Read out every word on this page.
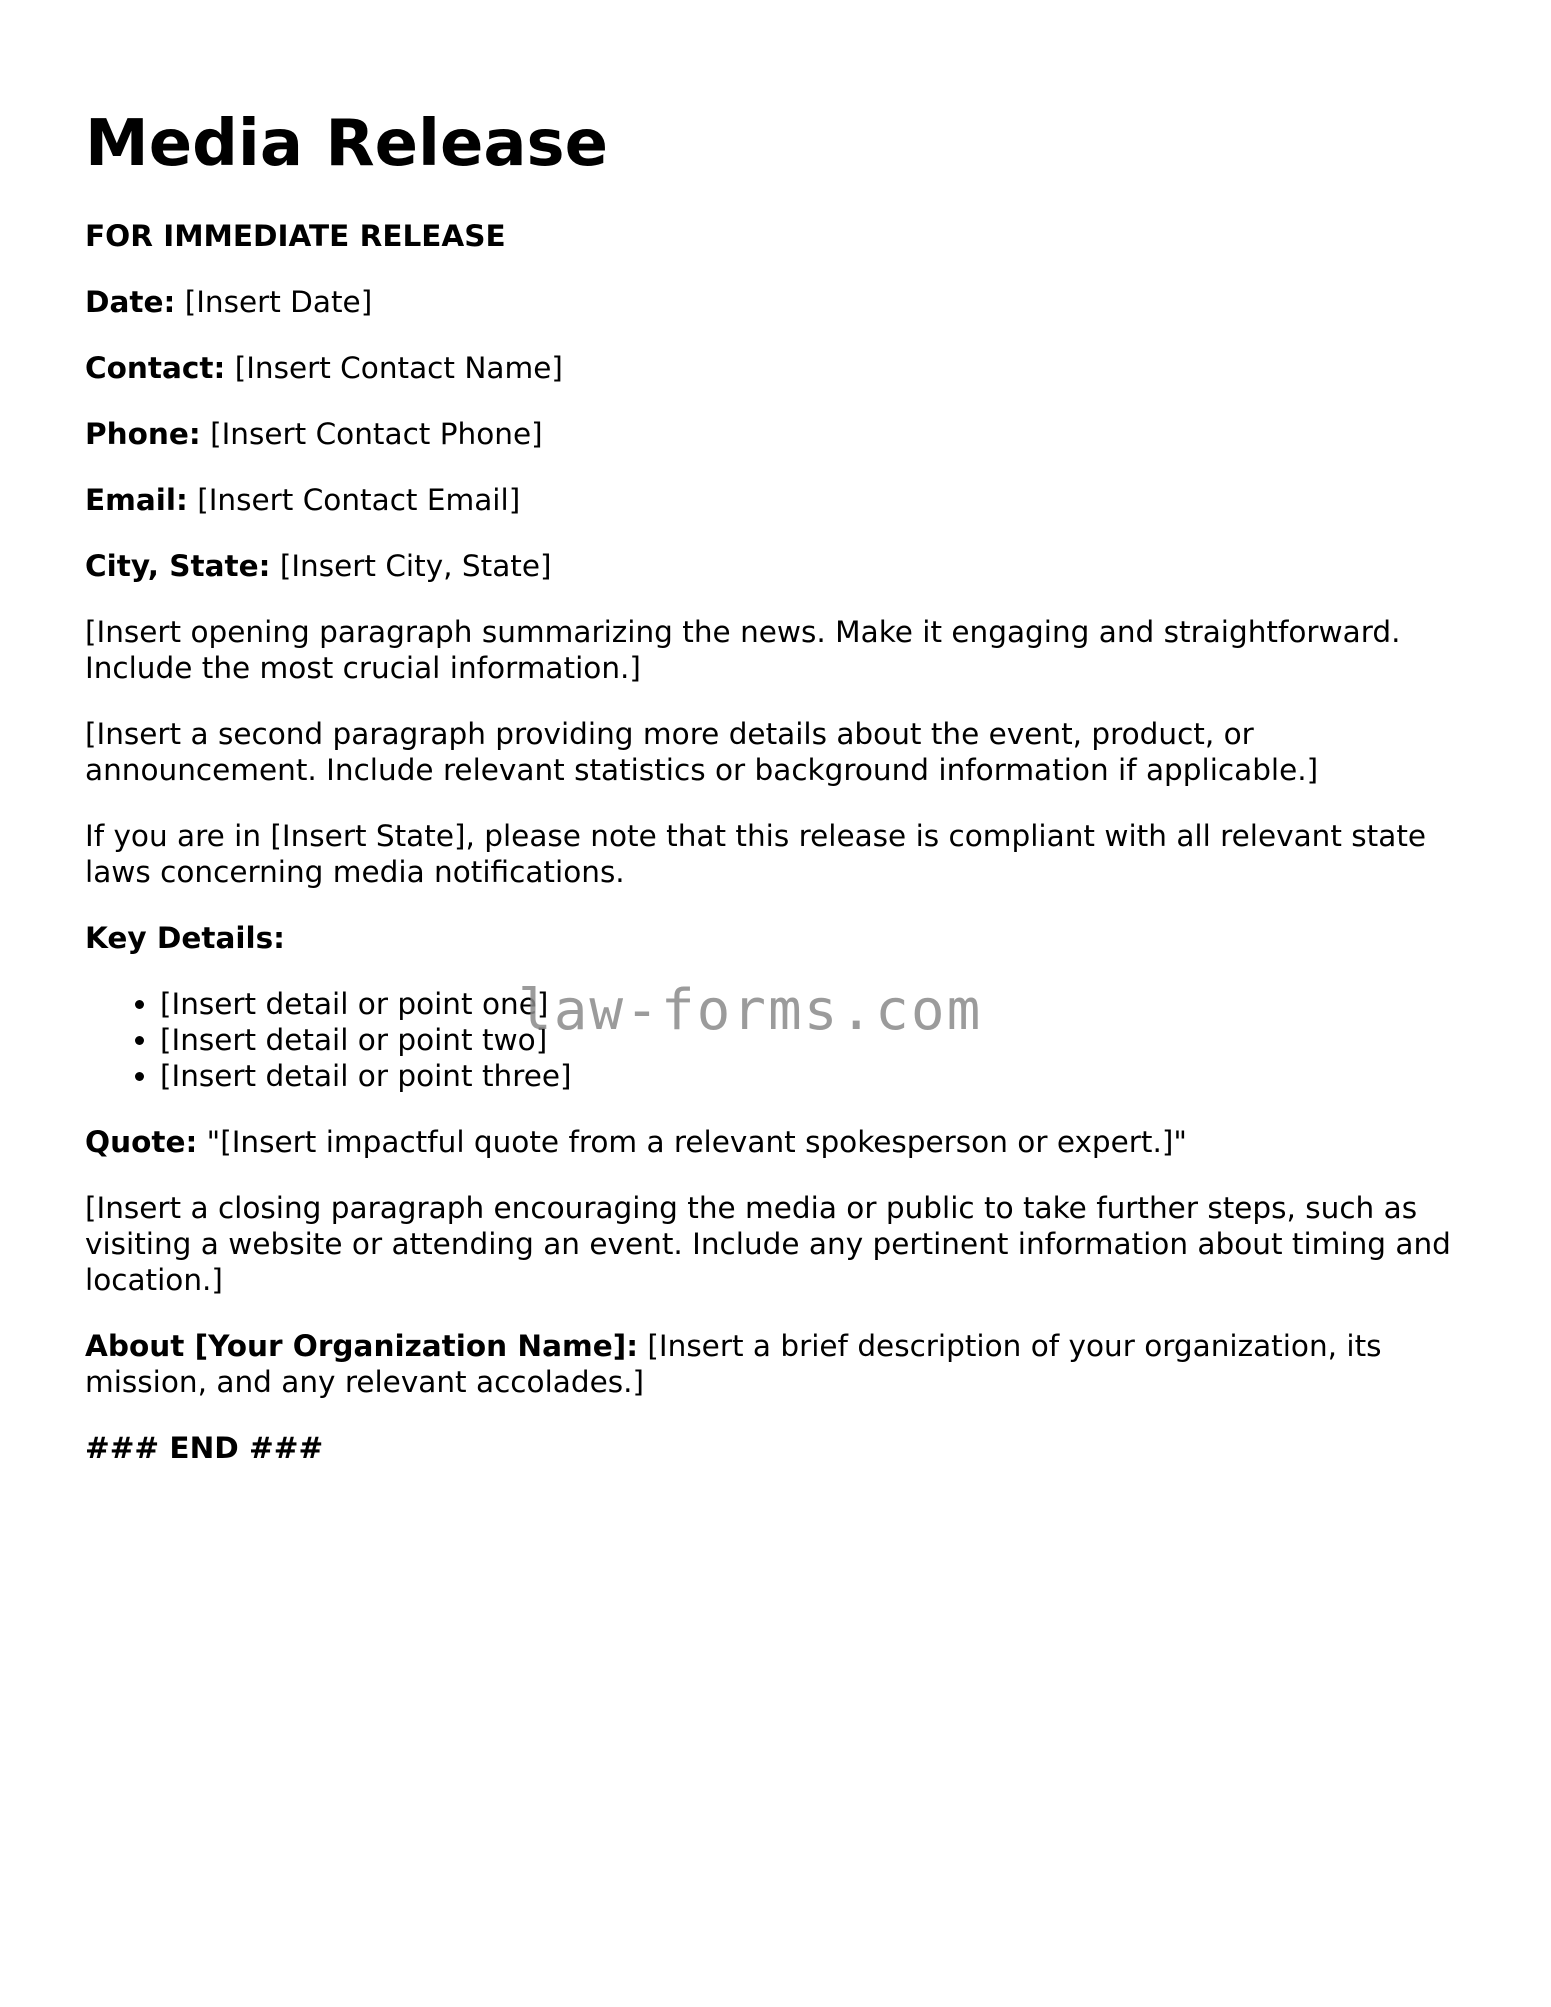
Media Release

FOR IMMEDIATE RELEASE

Date: [Insert Date]

Contact: [Insert Contact Name]

Phone: [Insert Contact Phone]

Email: [Insert Contact Email]

City, State: [Insert City, State]

[Insert opening paragraph summarizing the news. Make it engaging and straightforward. Include the most crucial information.]

[Insert a second paragraph providing more details about the event, product, or announcement. Include relevant statistics or background information if applicable.]

If you are in [Insert State], please note that this release is compliant with all relevant state laws concerning media notifications.

Key Details:

• [Insert detail or point one]
• [Insert detail or point two]
• [Insert detail or point three]

Quote: "[Insert impactful quote from a relevant spokesperson or expert.]"

[Insert a closing paragraph encouraging the media or public to take further steps, such as visiting a website or attending an event. Include any pertinent information about timing and location.]

About [Your Organization Name]: [Insert a brief description of your organization, its mission, and any relevant accolades.]

### END ###

law-forms.com
